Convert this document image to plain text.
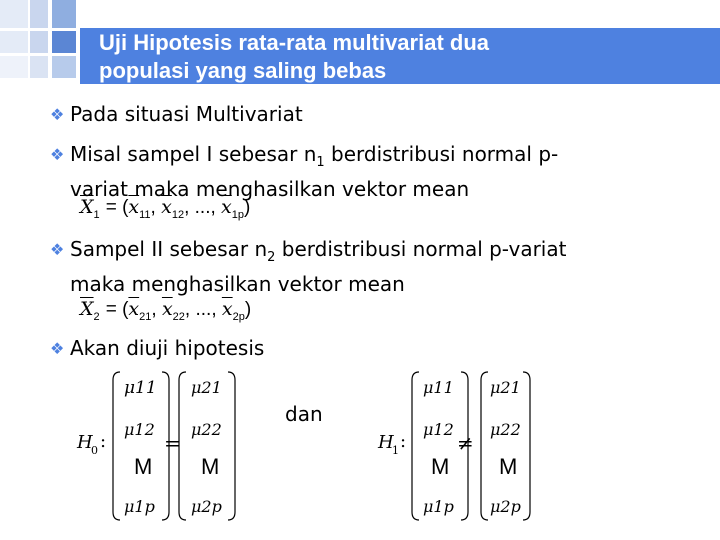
Uji Hipotesis rata-rata multivariat dua
populasi yang saling bebas
❖ Pada situasi Multivariat
❖ Misal sampel I sebesar $n_1$ berdistribusi normal p-
variat maka menghasilkan vektor mean
$\overline{X}_1 = (\overline{x}_{11}$, $\overline{x}_{12}$, ..., $\overline{x}_{1p}$)
❖ Sampel II sebesar $n_2$ berdistribusi normal p-variat
maka menghasilkan vektor mean
$\overline{X}_2 = (\overline{x}_{21}$, $\overline{x}_{22}$, ..., $\overline{x}_{2p}$)
❖ Akan diuji hipotesis
H
0 :
μ11
μ12
M
μ1p
=
μ21
μ22
M
μ2p
H
1 :
μ11
μ12
M
μ1p
≠
μ21
μ22
M
μ2p
dan
